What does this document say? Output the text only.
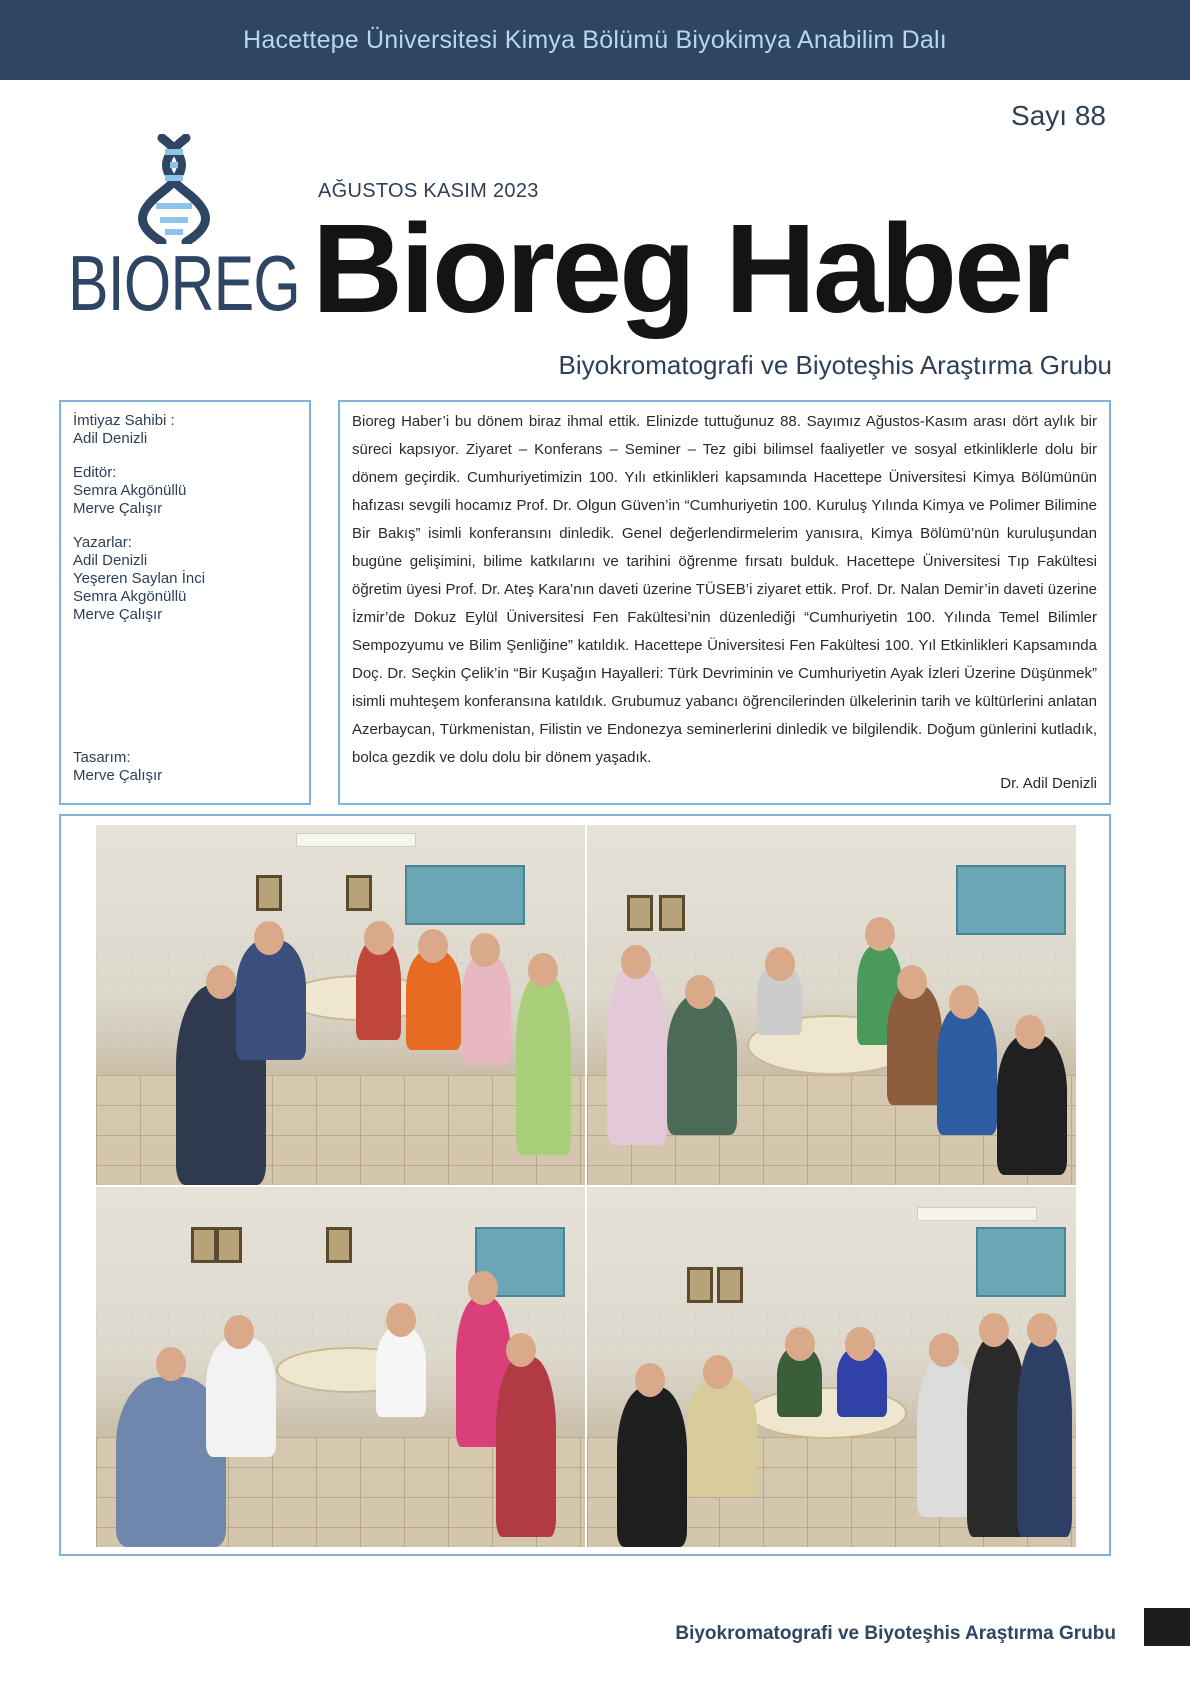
Hacettepe Üniversitesi Kimya Bölümü Biyokimya Anabilim Dalı
Sayı 88
BIOREG
AĞUSTOS KASIM 2023
Bioreg Haber
Biyokromatografi ve Biyoteşhis Araştırma Grubu
İmtiyaz Sahibi :
Adil Denizli
Editör:
Semra Akgönüllü
Merve Çalışır
Yazarlar:
Adil Denizli
Yeşeren Saylan İnci
Semra Akgönüllü
Merve Çalışır
Tasarım:
Merve Çalışır

Bioreg Haber’i bu dönem biraz ihmal ettik. Elinizde tuttuğunuz 88. Sayımız Ağustos-Kasım arası dört aylık bir süreci kapsıyor. Ziyaret – Konferans – Seminer – Tez gibi bilimsel faaliyetler ve sosyal etkinliklerle dolu bir dönem geçirdik. Cumhuriyetimizin 100. Yılı etkinlikleri kapsamında Hacettepe Üniversitesi Kimya Bölümünün hafızası sevgili hocamız Prof. Dr. Olgun Güven’in “Cumhuriyetin 100. Kuruluş Yılında Kimya ve Polimer Bilimine Bir Bakış” isimli konferansını dinledik. Genel değerlendirmelerim yanısıra, Kimya Bölümü’nün kuruluşundan bugüne gelişimini, bilime katkılarını ve tarihini öğrenme fırsatı bulduk. Hacettepe Üniversitesi Tıp Fakültesi öğretim üyesi Prof. Dr. Ateş Kara’nın daveti üzerine TÜSEB’i ziyaret ettik. Prof. Dr. Nalan Demir’in daveti üzerine İzmir’de Dokuz Eylül Üniversitesi Fen Fakültesi’nin düzenlediği “Cumhuriyetin 100. Yılında Temel Bilimler Sempozyumu ve Bilim Şenliğine” katıldık. Hacettepe Üniversitesi Fen Fakültesi 100. Yıl Etkinlikleri Kapsamında Doç. Dr. Seçkin Çelik’in “Bir Kuşağın Hayalleri: Türk Devriminin ve Cumhuriyetin Ayak İzleri Üzerine Düşünmek” isimli muhteşem konferansına katıldık. Grubumuz yabancı öğrencilerinden ülkelerinin tarih ve kültürlerini anlatan Azerbaycan, Türkmenistan, Filistin ve Endonezya seminerlerini dinledik ve bilgilendik. Doğum günlerini kutladık, bolca gezdik ve dolu dolu bir dönem yaşadık.

Dr. Adil Denizli
Biyokromatografi ve Biyoteşhis Araştırma Grubu
